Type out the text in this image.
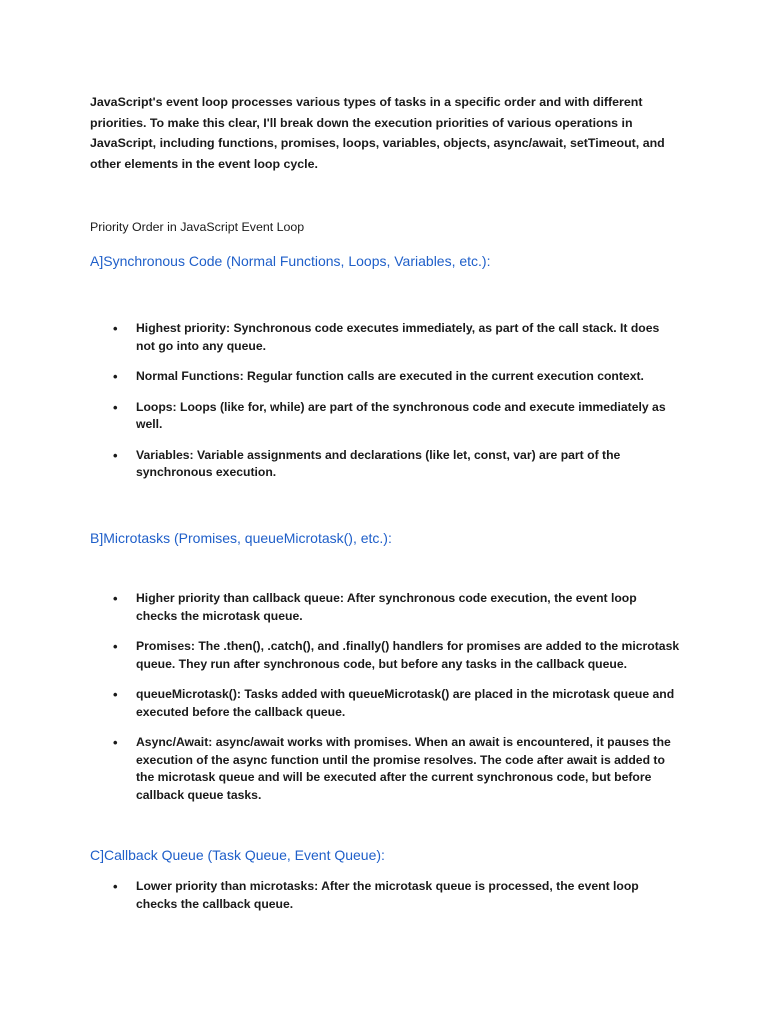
JavaScript's event loop processes various types of tasks in a specific order and with different priorities. To make this clear, I'll break down the execution priorities of various operations in JavaScript, including functions, promises, loops, variables, objects, async/await, setTimeout, and other elements in the event loop cycle.

Priority Order in JavaScript Event Loop

A]Synchronous Code (Normal Functions, Loops, Variables, etc.):
• Highest priority: Synchronous code executes immediately, as part of the call stack. It does not go into any queue.
• Normal Functions: Regular function calls are executed in the current execution context.
• Loops: Loops (like for, while) are part of the synchronous code and execute immediately as well.
• Variables: Variable assignments and declarations (like let, const, var) are part of the synchronous execution.
B]Microtasks (Promises, queueMicrotask(), etc.):
• Higher priority than callback queue: After synchronous code execution, the event loop checks the microtask queue.
• Promises: The .then(), .catch(), and .finally() handlers for promises are added to the microtask queue. They run after synchronous code, but before any tasks in the callback queue.
• queueMicrotask(): Tasks added with queueMicrotask() are placed in the microtask queue and executed before the callback queue.
• Async/Await: async/await works with promises. When an await is encountered, it pauses the execution of the async function until the promise resolves. The code after await is added to the microtask queue and will be executed after the current synchronous code, but before callback queue tasks.
C]Callback Queue (Task Queue, Event Queue):
• Lower priority than microtasks: After the microtask queue is processed, the event loop checks the callback queue.
